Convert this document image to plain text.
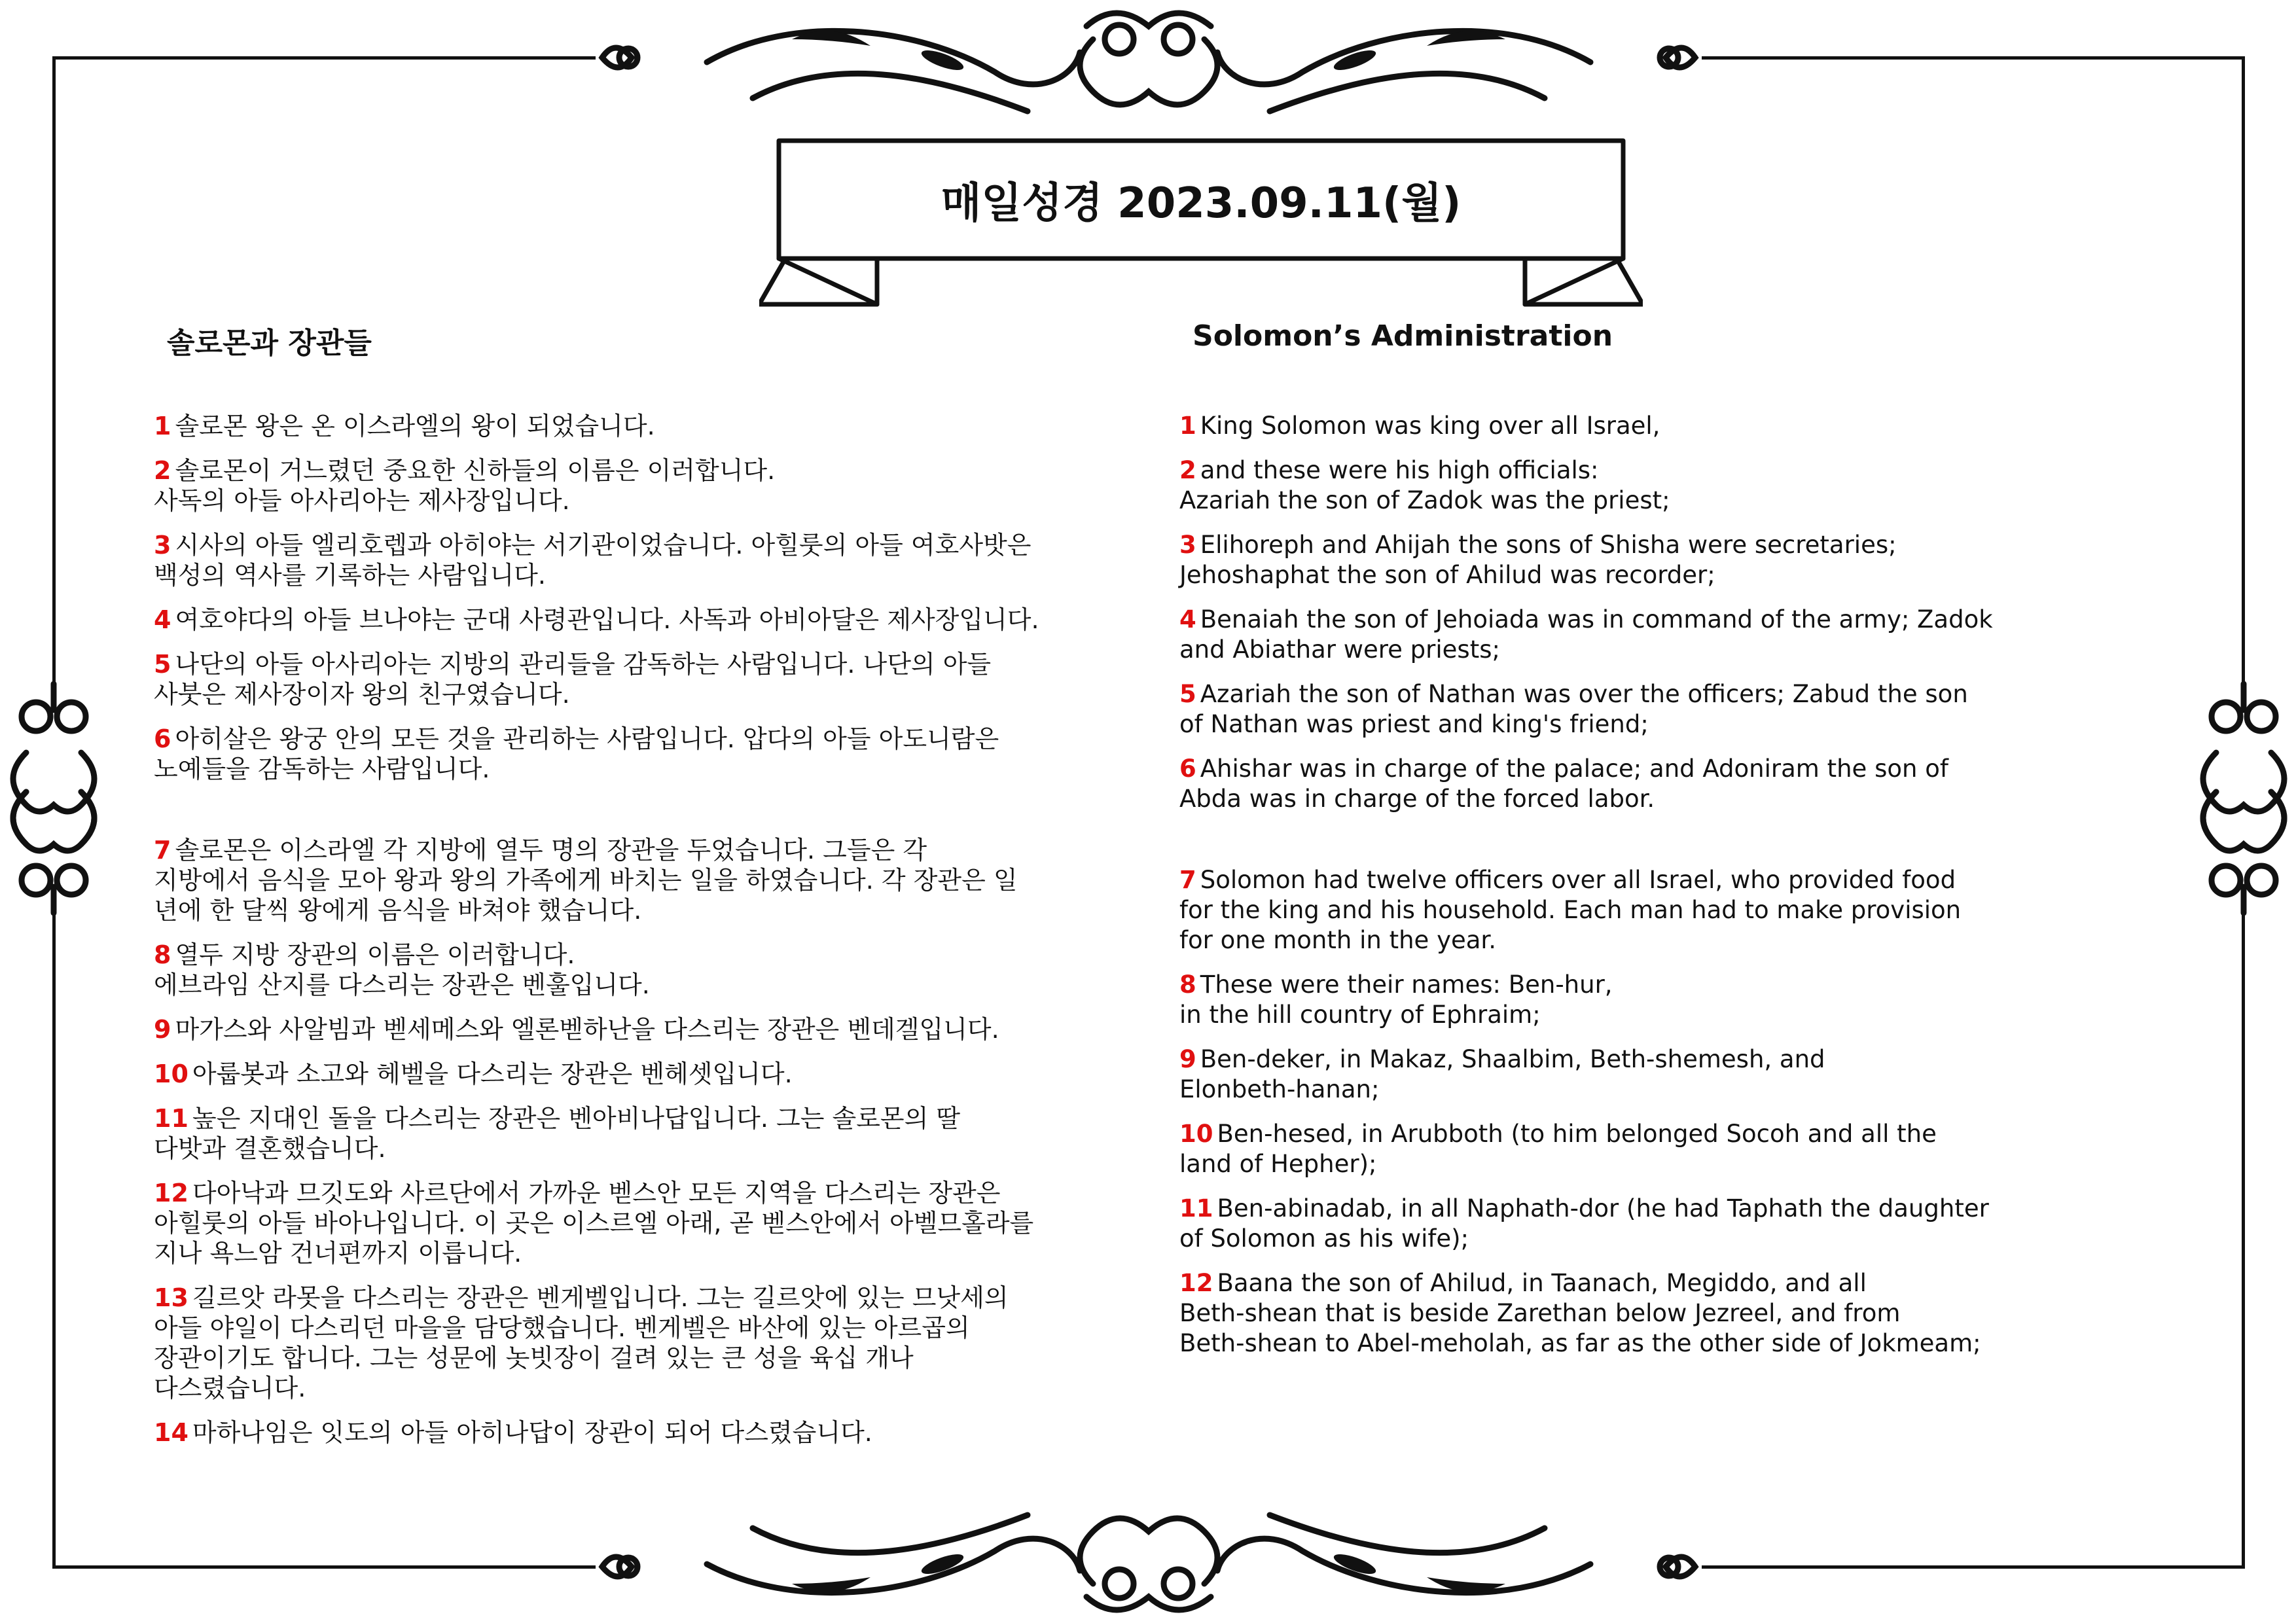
매일성경 2023.09.11(월)
솔로몬과 장관들	Solomon’s Administration
1 솔로몬 왕은 온 이스라엘의 왕이 되었습니다.
2 솔로몬이 거느렸던 중요한 신하들의 이름은 이러합니다.
사독의 아들 아사리아는 제사장입니다.
3 시사의 아들 엘리호렙과 아히야는 서기관이었습니다. 아힐룻의 아들 여호사밧은
백성의 역사를 기록하는 사람입니다.
4 여호야다의 아들 브나야는 군대 사령관입니다. 사독과 아비아달은 제사장입니다.
5 나단의 아들 아사리아는 지방의 관리들을 감독하는 사람입니다. 나단의 아들
사붓은 제사장이자 왕의 친구였습니다.
6 아히살은 왕궁 안의 모든 것을 관리하는 사람입니다. 압다의 아들 아도니람은
노예들을 감독하는 사람입니다.
7 솔로몬은 이스라엘 각 지방에 열두 명의 장관을 두었습니다. 그들은 각
지방에서 음식을 모아 왕과 왕의 가족에게 바치는 일을 하였습니다. 각 장관은 일
년에 한 달씩 왕에게 음식을 바쳐야 했습니다.
8 열두 지방 장관의 이름은 이러합니다.
에브라임 산지를 다스리는 장관은 벤훌입니다.
9 마가스와 사알빔과 벧세메스와 엘론벧하난을 다스리는 장관은 벤데겔입니다.
10 아룹봇과 소고와 헤벨을 다스리는 장관은 벤헤셋입니다.
11 높은 지대인 돌을 다스리는 장관은 벤아비나답입니다. 그는 솔로몬의 딸
다밧과 결혼했습니다.
12 다아낙과 므깃도와 사르단에서 가까운 벧스안 모든 지역을 다스리는 장관은
아힐룻의 아들 바아나입니다. 이 곳은 이스르엘 아래, 곧 벧스안에서 아벨므홀라를
지나 욕느암 건너편까지 이릅니다.
13 길르앗 라못을 다스리는 장관은 벤게벨입니다. 그는 길르앗에 있는 므낫세의
아들 야일이 다스리던 마을을 담당했습니다. 벤게벨은 바산에 있는 아르곱의
장관이기도 합니다. 그는 성문에 놋빗장이 걸려 있는 큰 성을 육십 개나
다스렸습니다.
14 마하나임은 잇도의 아들 아히나답이 장관이 되어 다스렸습니다.
1 King Solomon was king over all Israel,
2 and these were his high officials:
Azariah the son of Zadok was the priest;
3 Elihoreph and Ahijah the sons of Shisha were secretaries;
Jehoshaphat the son of Ahilud was recorder;
4 Benaiah the son of Jehoiada was in command of the army; Zadok
and Abiathar were priests;
5 Azariah the son of Nathan was over the officers; Zabud the son
of Nathan was priest and king's friend;
6 Ahishar was in charge of the palace; and Adoniram the son of
Abda was in charge of the forced labor.
7 Solomon had twelve officers over all Israel, who provided food
for the king and his household. Each man had to make provision
for one month in the year.
8 These were their names: Ben-hur,
in the hill country of Ephraim;
9 Ben-deker, in Makaz, Shaalbim, Beth-shemesh, and
Elonbeth-hanan;
10 Ben-hesed, in Arubboth (to him belonged Socoh and all the
land of Hepher);
11 Ben-abinadab, in all Naphath-dor (he had Taphath the daughter
of Solomon as his wife);
12 Baana the son of Ahilud, in Taanach, Megiddo, and all
Beth-shean that is beside Zarethan below Jezreel, and from
Beth-shean to Abel-meholah, as far as the other side of Jokmeam;
